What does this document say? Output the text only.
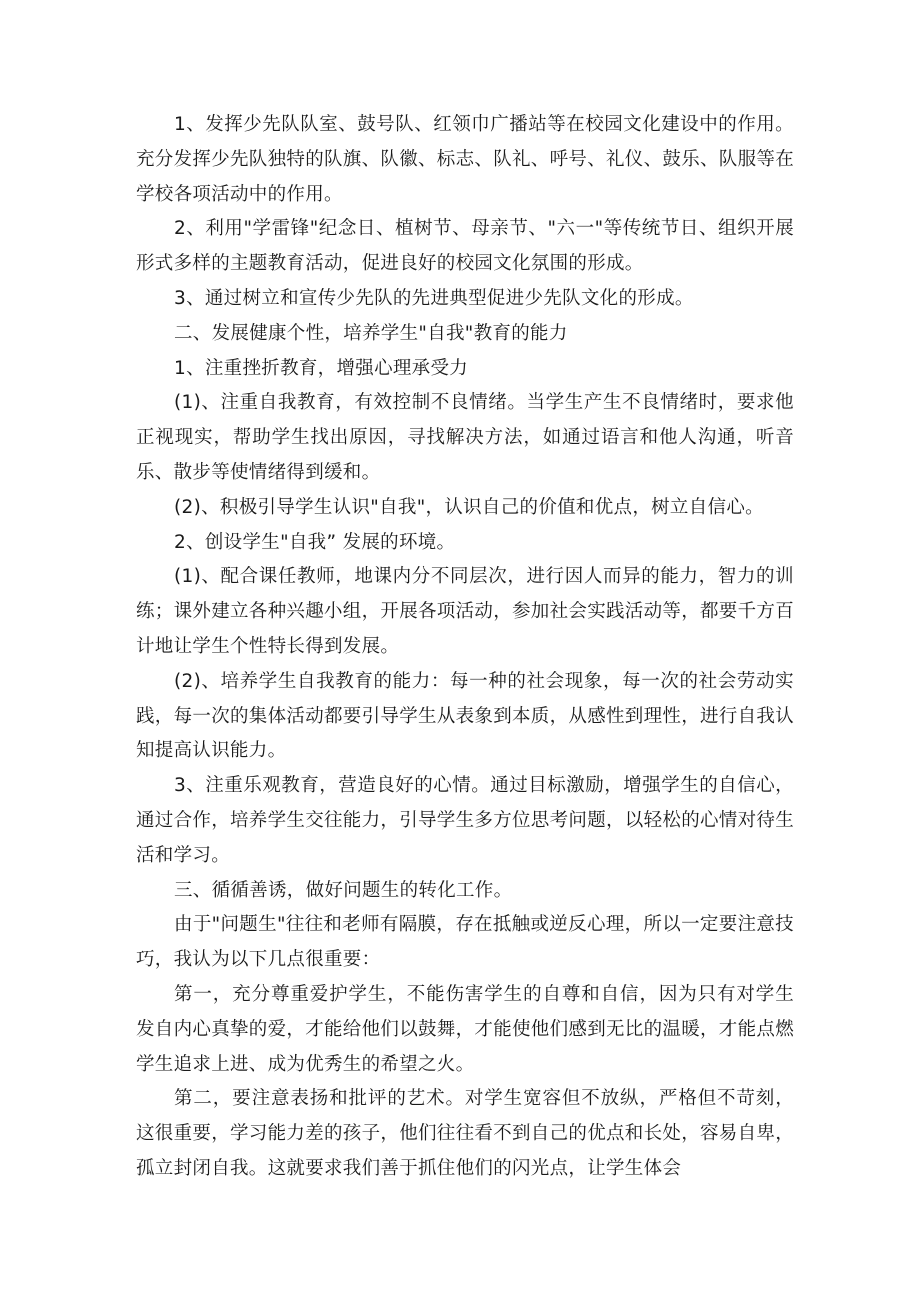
1、发挥少先队队室、鼓号队、红领巾广播站等在校园文化建设中的作用。充分发挥少先队独特的队旗、队徽、标志、队礼、呼号、礼仪、鼓乐、队服等在学校各项活动中的作用。

2、利用"学雷锋"纪念日、植树节、母亲节、"六一"等传统节日、组织开展形式多样的主题教育活动，促进良好的校园文化氛围的形成。

3、通过树立和宣传少先队的先进典型促进少先队文化的形成。

二、发展健康个性，培养学生"自我"教育的能力

1、注重挫折教育，增强心理承受力

(1)、注重自我教育，有效控制不良情绪。当学生产生不良情绪时，要求他正视现实，帮助学生找出原因，寻找解决方法，如通过语言和他人沟通，听音乐、散步等使情绪得到缓和。

(2)、积极引导学生认识"自我"，认识自己的价值和优点，树立自信心。

2、创设学生"自我” 发展的环境。

(1)、配合课任教师，地课内分不同层次，进行因人而异的能力，智力的训练；课外建立各种兴趣小组，开展各项活动，参加社会实践活动等，都要千方百计地让学生个性特长得到发展。

(2)、培养学生自我教育的能力：每一种的社会现象，每一次的社会劳动实践，每一次的集体活动都要引导学生从表象到本质，从感性到理性，进行自我认知提高认识能力。

3、注重乐观教育，营造良好的心情。通过目标激励，增强学生的自信心，通过合作，培养学生交往能力，引导学生多方位思考问题，以轻松的心情对待生活和学习。

三、循循善诱，做好问题生的转化工作。

由于"问题生"往往和老师有隔膜，存在抵触或逆反心理，所以一定要注意技巧，我认为以下几点很重要：

第一，充分尊重爱护学生，不能伤害学生的自尊和自信，因为只有对学生发自内心真挚的爱，才能给他们以鼓舞，才能使他们感到无比的温暖，才能点燃学生追求上进、成为优秀生的希望之火。

第二，要注意表扬和批评的艺术。对学生宽容但不放纵，严格但不苛刻，这很重要，学习能力差的孩子，他们往往看不到自己的优点和长处，容易自卑，孤立封闭自我。这就要求我们善于抓住他们的闪光点，让学生体会
